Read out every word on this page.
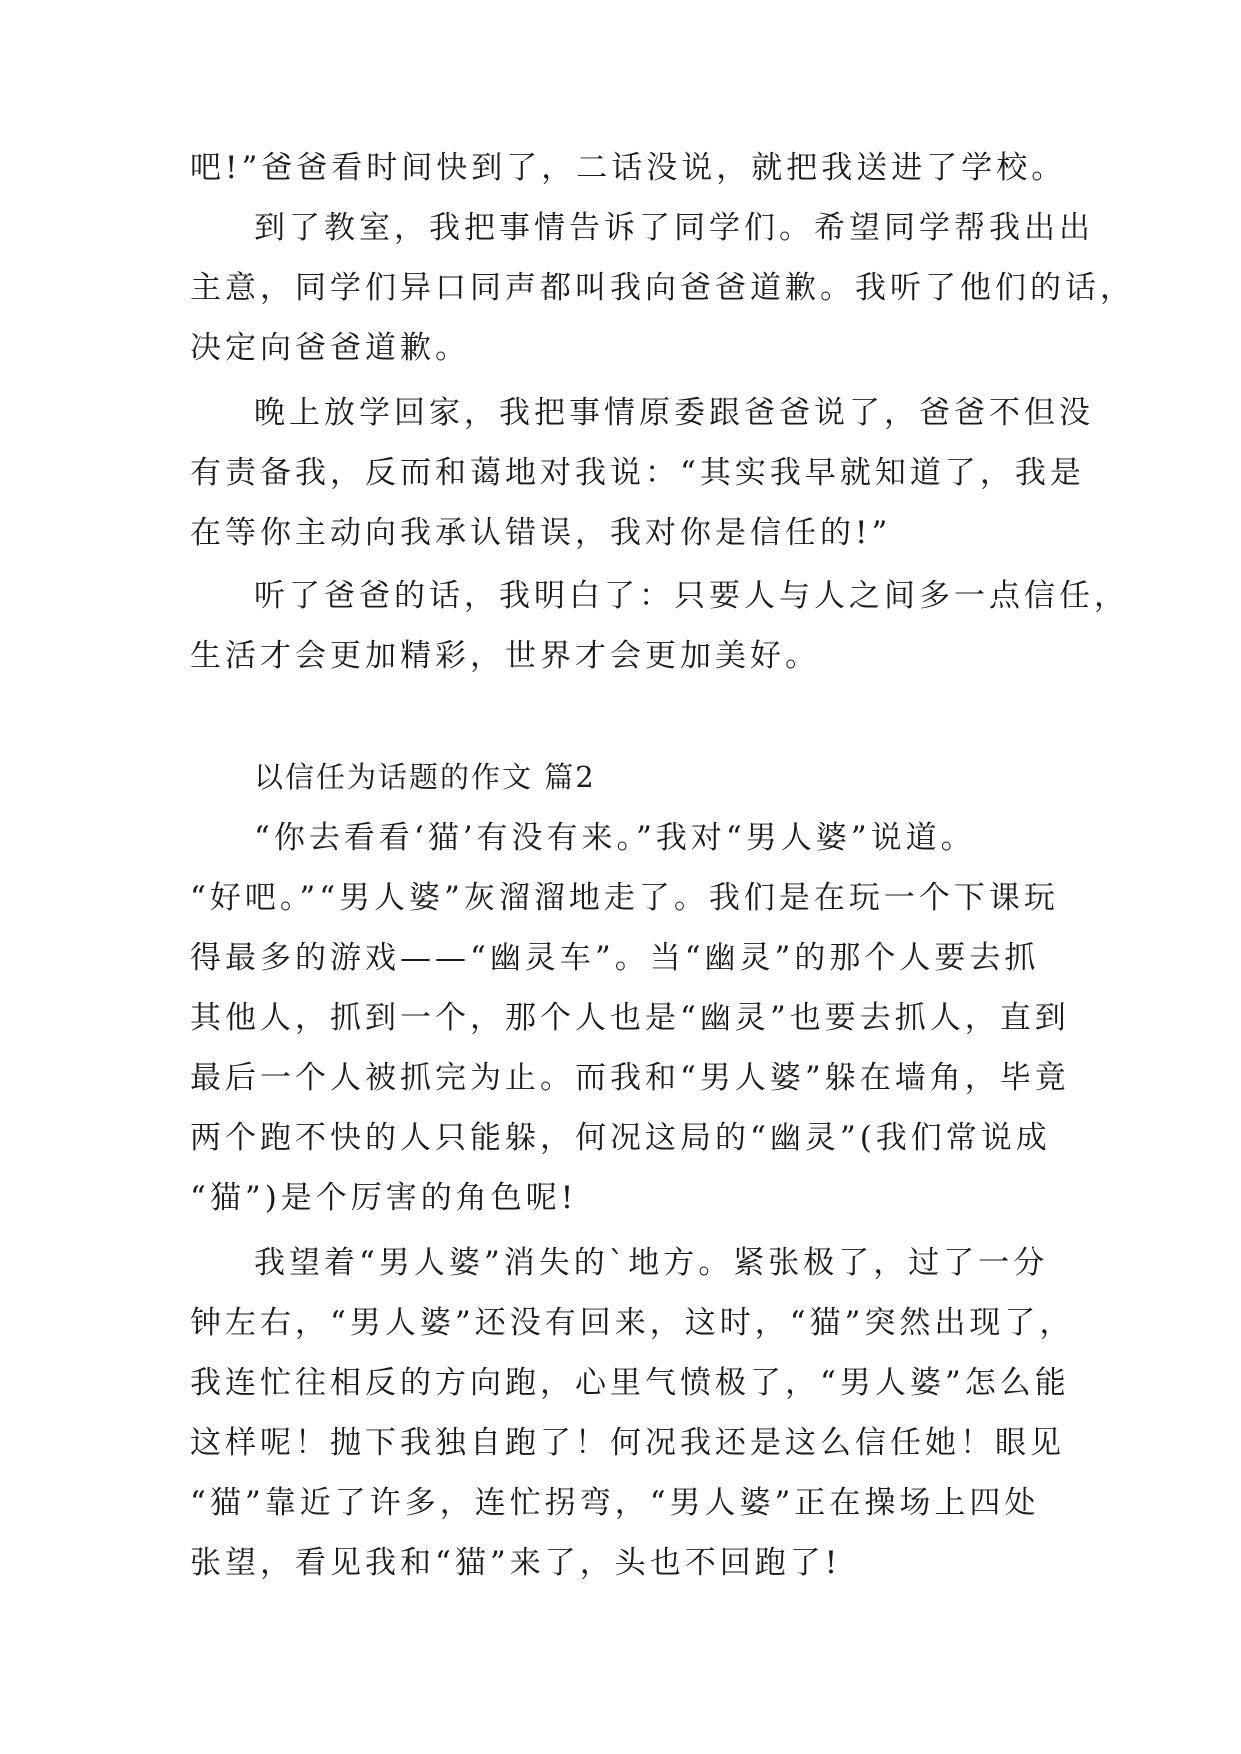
吧!”爸爸看时间快到了，二话没说，就把我送进了学校。
到了教室，我把事情告诉了同学们。希望同学帮我出出
主意，同学们异口同声都叫我向爸爸道歉。我听了他们的话，
决定向爸爸道歉。
晚上放学回家，我把事情原委跟爸爸说了，爸爸不但没
有责备我，反而和蔼地对我说：“其实我早就知道了，我是
在等你主动向我承认错误，我对你是信任的!”
听了爸爸的话，我明白了：只要人与人之间多一点信任，
生活才会更加精彩，世界才会更加美好。
以信任为话题的作文 篇2
“你去看看‘猫’有没有来。”我对“男人婆”说道。
“好吧。”“男人婆”灰溜溜地走了。我们是在玩一个下课玩
得最多的游戏——“幽灵车”。当“幽灵”的那个人要去抓
其他人，抓到一个，那个人也是“幽灵”也要去抓人，直到
最后一个人被抓完为止。而我和“男人婆”躲在墙角，毕竟
两个跑不快的人只能躲，何况这局的“幽灵”(我们常说成
“猫”)是个厉害的角色呢!
我望着“男人婆”消失的`地方。紧张极了，过了一分
钟左右，“男人婆”还没有回来，这时，“猫”突然出现了，
我连忙往相反的方向跑，心里气愤极了，“男人婆”怎么能
这样呢！抛下我独自跑了！何况我还是这么信任她！眼见
“猫”靠近了许多，连忙拐弯，“男人婆”正在操场上四处
张望，看见我和“猫”来了，头也不回跑了!
